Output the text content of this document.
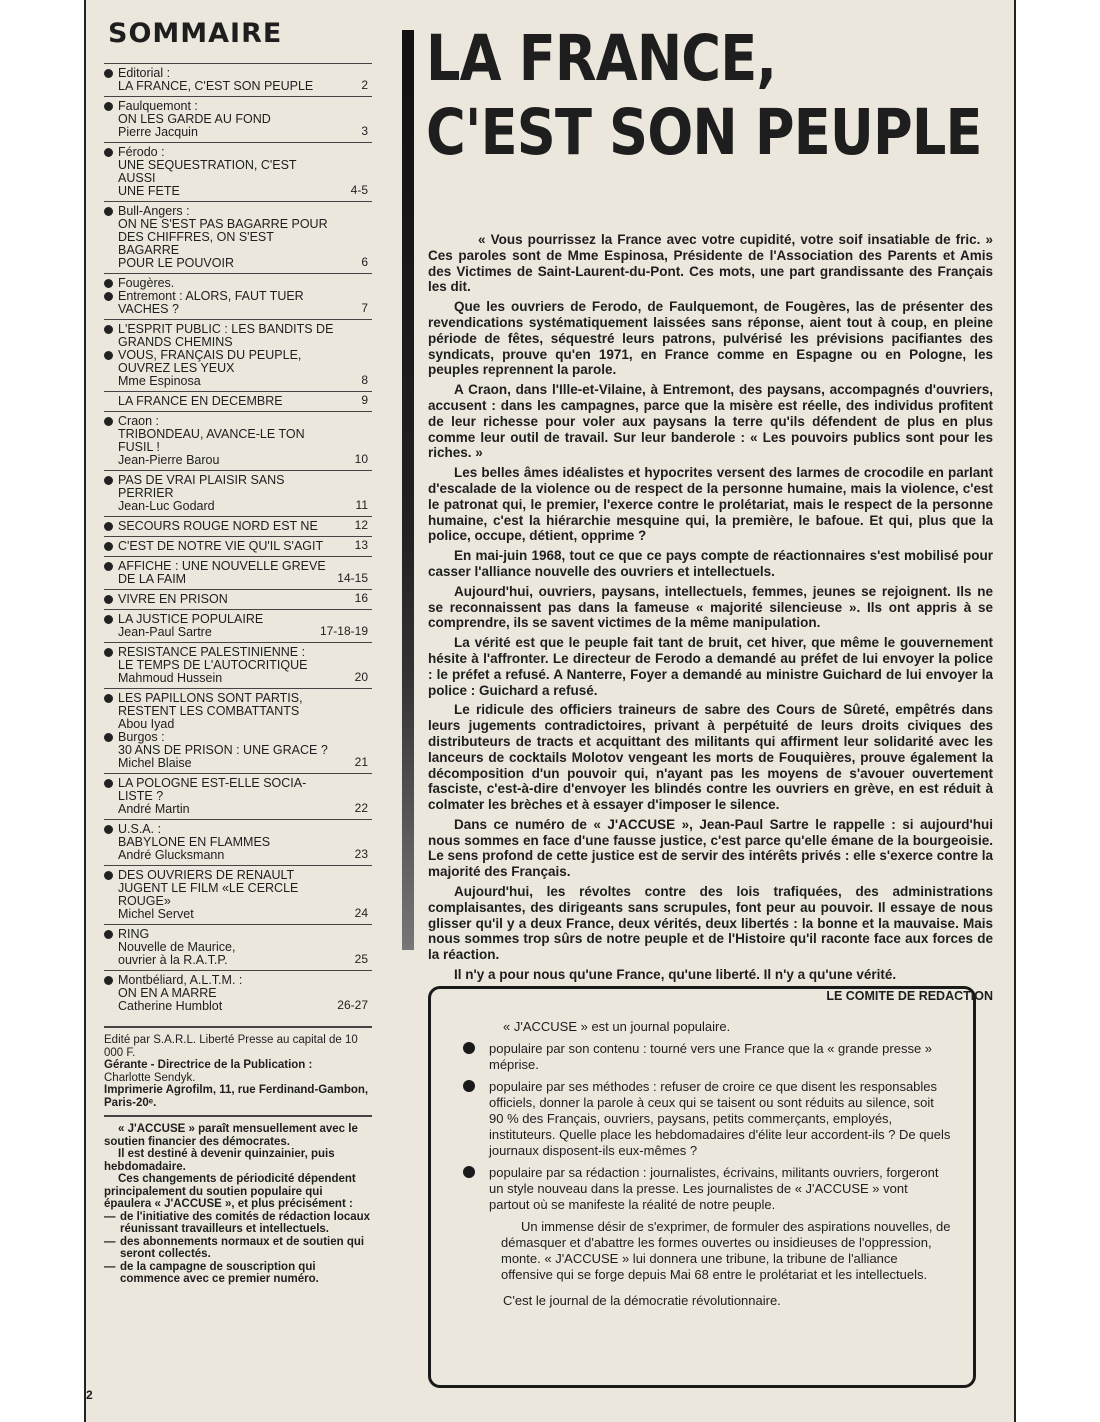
SOMMAIRE
Editorial :
LA FRANCE, C'EST SON PEUPLE	2
Faulquemont :
ON LES GARDE AU FOND
Pierre Jacquin	3
Férodo :
UNE SEQUESTRATION, C'EST AUSSI
UNE FETE	4-5
Bull-Angers :
ON NE S'EST PAS BAGARRE POUR
DES CHIFFRES, ON S'EST BAGARRE
POUR LE POUVOIR	6
Fougères.
Entremont : ALORS, FAUT TUER
VACHES ?	7
L'ESPRIT PUBLIC : LES BANDITS DE
GRANDS CHEMINS
VOUS, FRANÇAIS DU PEUPLE,
OUVREZ LES YEUX
Mme Espinosa	8
LA FRANCE EN DECEMBRE	9
Craon :
TRIBONDEAU, AVANCE-LE TON
FUSIL !
Jean-Pierre Barou	10
PAS DE VRAI PLAISIR SANS
PERRIER
Jean-Luc Godard	11
SECOURS ROUGE NORD EST NE	12
C'EST DE NOTRE VIE QU'IL S'AGIT	13
AFFICHE : UNE NOUVELLE GREVE
DE LA FAIM	14-15
VIVRE EN PRISON	16
LA JUSTICE POPULAIRE
Jean-Paul Sartre	17-18-19
RESISTANCE PALESTINIENNE :
LE TEMPS DE L'AUTOCRITIQUE
Mahmoud Hussein	20
LES PAPILLONS SONT PARTIS,
RESTENT LES COMBATTANTS
Abou Iyad
Burgos :
30 ANS DE PRISON : UNE GRACE ?
Michel Blaise	21
LA POLOGNE EST-ELLE SOCIA-
LISTE ?
André Martin	22
U.S.A. :
BABYLONE EN FLAMMES
André Glucksmann	23
DES OUVRIERS DE RENAULT
JUGENT LE FILM «LE CERCLE
ROUGE»
Michel Servet	24
RING
Nouvelle de Maurice,
ouvrier à la R.A.T.P.	25
Montbéliard, A.L.T.M. :
ON EN A MARRE
Catherine Humblot	26-27

Edité par S.A.R.L. Liberté Presse au capital de 10 000 F.

Gérante - Directrice de la Publication :

Charlotte Sendyk.

Imprimerie Agrofilm, 11, rue Ferdinand-Gambon, Paris-20ᵉ.

« J'ACCUSE » paraît mensuellement avec le soutien financier des démocrates.

Il est destiné à devenir quinzainier, puis hebdomadaire.

Ces changements de périodicité dépendent principalement du soutien populaire qui épaulera « J'ACCUSE », et plus précisément :

— de l'initiative des comités de rédaction locaux réunissant travailleurs et intellectuels.
— des abonnements normaux et de soutien qui seront collectés.
— de la campagne de souscription qui commence avec ce premier numéro.
2
LA FRANCE,
C'EST SON PEUPLE

« Vous pourrissez la France avec votre cupidité, votre soif insatiable de fric. » Ces paroles sont de Mme Espinosa, Présidente de l'Association des Parents et Amis des Victimes de Saint-Laurent-du-Pont. Ces mots, une part grandissante des Français les dit.

Que les ouvriers de Ferodo, de Faulquemont, de Fougères, las de présenter des revendications systématiquement laissées sans réponse, aient tout à coup, en pleine période de fêtes, séquestré leurs patrons, pulvérisé les prévisions pacifiantes des syndicats, prouve qu'en 1971, en France comme en Espagne ou en Pologne, les peuples reprennent la parole.

A Craon, dans l'Ille-et-Vilaine, à Entremont, des paysans, accompagnés d'ouvriers, accusent : dans les campagnes, parce que la misère est réelle, des individus profitent de leur richesse pour voler aux paysans la terre qu'ils défendent de plus en plus comme leur outil de travail. Sur leur banderole : « Les pouvoirs publics sont pour les riches. »

Les belles âmes idéalistes et hypocrites versent des larmes de crocodile en parlant d'escalade de la violence ou de respect de la personne humaine, mais la violence, c'est le patronat qui, le premier, l'exerce contre le prolétariat, mais le respect de la personne humaine, c'est la hiérarchie mesquine qui, la première, le bafoue. Et qui, plus que la police, occupe, détient, opprime ?

En mai-juin 1968, tout ce que ce pays compte de réactionnaires s'est mobilisé pour casser l'alliance nouvelle des ouvriers et intellectuels.

Aujourd'hui, ouvriers, paysans, intellectuels, femmes, jeunes se rejoignent. Ils ne se reconnaissent pas dans la fameuse « majorité silencieuse ». Ils ont appris à se comprendre, ils se savent victimes de la même manipulation.

La vérité est que le peuple fait tant de bruit, cet hiver, que même le gouvernement hésite à l'affronter. Le directeur de Ferodo a demandé au préfet de lui envoyer la police : le préfet a refusé. A Nanterre, Foyer a demandé au ministre Guichard de lui envoyer la police : Guichard a refusé.

Le ridicule des officiers traineurs de sabre des Cours de Sûreté, empêtrés dans leurs jugements contradictoires, privant à perpétuité de leurs droits civiques des distributeurs de tracts et acquittant des militants qui affirment leur solidarité avec les lanceurs de cocktails Molotov vengeant les morts de Fouquières, prouve également la décomposition d'un pouvoir qui, n'ayant pas les moyens de s'avouer ouvertement fasciste, c'est-à-dire d'envoyer les blindés contre les ouvriers en grève, en est réduit à colmater les brèches et à essayer d'imposer le silence.

Dans ce numéro de « J'ACCUSE », Jean-Paul Sartre le rappelle : si aujourd'hui nous sommes en face d'une fausse justice, c'est parce qu'elle émane de la bourgeoisie. Le sens profond de cette justice est de servir des intérêts privés : elle s'exerce contre la majorité des Français.

Aujourd'hui, les révoltes contre des lois trafiquées, des administrations complaisantes, des dirigeants sans scrupules, font peur au pouvoir. Il essaye de nous glisser qu'il y a deux France, deux vérités, deux libertés : la bonne et la mauvaise. Mais nous sommes trop sûrs de notre peuple et de l'Histoire qu'il raconte face aux forces de la réaction.

Il n'y a pour nous qu'une France, qu'une liberté. Il n'y a qu'une vérité.

LE COMITE DE REDACTION

« J'ACCUSE » est un journal populaire.

populaire par son contenu : tourné vers une France que la « grande presse » méprise.
populaire par ses méthodes : refuser de croire ce que disent les responsables officiels, donner la parole à ceux qui se taisent ou sont réduits au silence, soit 90 % des Français, ouvriers, paysans, petits commerçants, employés, instituteurs. Quelle place les hebdomadaires d'élite leur accordent-ils ? De quels journaux disposent-ils eux-mêmes ?
populaire par sa rédaction : journalistes, écrivains, militants ouvriers, forgeront un style nouveau dans la presse. Les journalistes de « J'ACCUSE » vont partout où se manifeste la réalité de notre peuple.

Un immense désir de s'exprimer, de formuler des aspirations nouvelles, de démasquer et d'abattre les formes ouvertes ou insidieuses de l'oppression, monte. « J'ACCUSE » lui donnera une tribune, la tribune de l'alliance offensive qui se forge depuis Mai 68 entre le prolétariat et les intellectuels.

C'est le journal de la démocratie révolutionnaire.
